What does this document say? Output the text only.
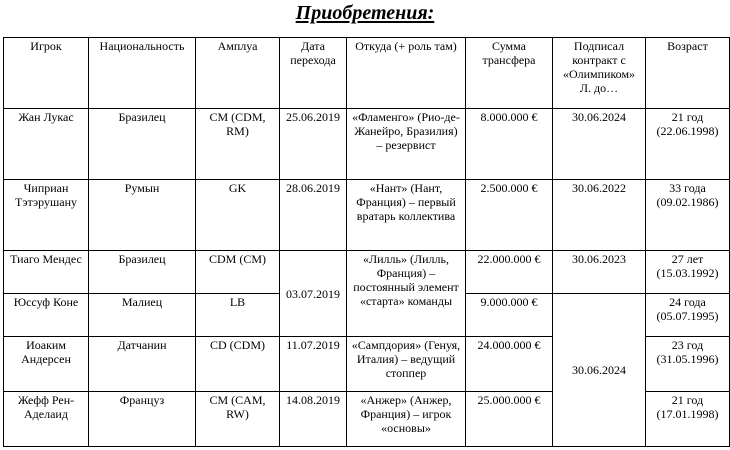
Приобретения:
Игрок	Национальность	Амплуа	Дата перехода	Откуда (+ роль там)	Сумма трансфера	Подписал контракт с «Олимпиком» Л. до…	Возраст
Жан Лукас	Бразилец	CM (CDM, RM)	25.06.2019	«Фламенго» (Рио-де-Жанейро, Бразилия) – резервист	8.000.000 €	30.06.2024	21 год (22.06.1998)
Чиприан Тэтэрушану	Румын	GK	28.06.2019	«Нант» (Нант, Франция) – первый вратарь коллектива	2.500.000 €	30.06.2022	33 года (09.02.1986)
Тиаго Мендес	Бразилец	CDM (CM)	03.07.2019	«Лилль» (Лилль, Франция) – постоянный элемент «старта» команды	22.000.000 €	30.06.2023	27 лет (15.03.1992)
Юссуф Коне	Малиец	LB			9.000.000 €	30.06.2024	24 года (05.07.1995)
Иоаким Андерсен	Датчанин	CD (CDM)	11.07.2019	«Сампдория» (Генуя, Италия) – ведущий стоппер	24.000.000 €		23 год (31.05.1996)
Жефф Рен-Аделаид	Француз	CM (CAM, RW)	14.08.2019	«Анжер» (Анжер, Франция) – игрок «основы»	25.000.000 €		21 год (17.01.1998)
